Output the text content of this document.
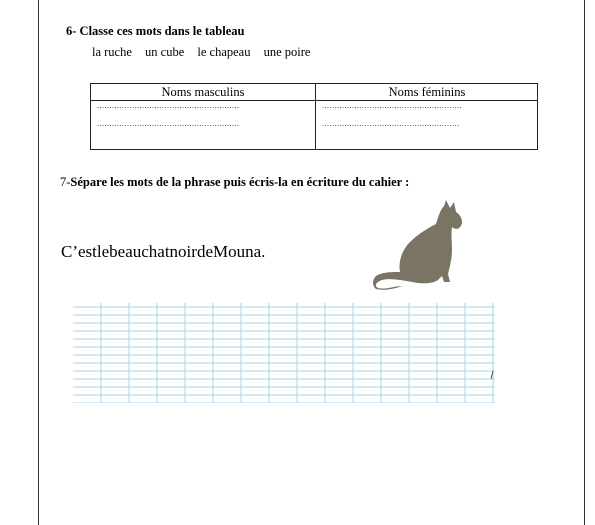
6- Classe ces mots dans le tableau
la ruche un cube le chapeau une poire
Noms masculins	Noms féminins
.........................................................	........................................................
.........................................................	.......................................................
7-Sépare les mots de la phrase puis écris-la en écriture du cahier :
C’estlebeauchatnoirdeMouna.
